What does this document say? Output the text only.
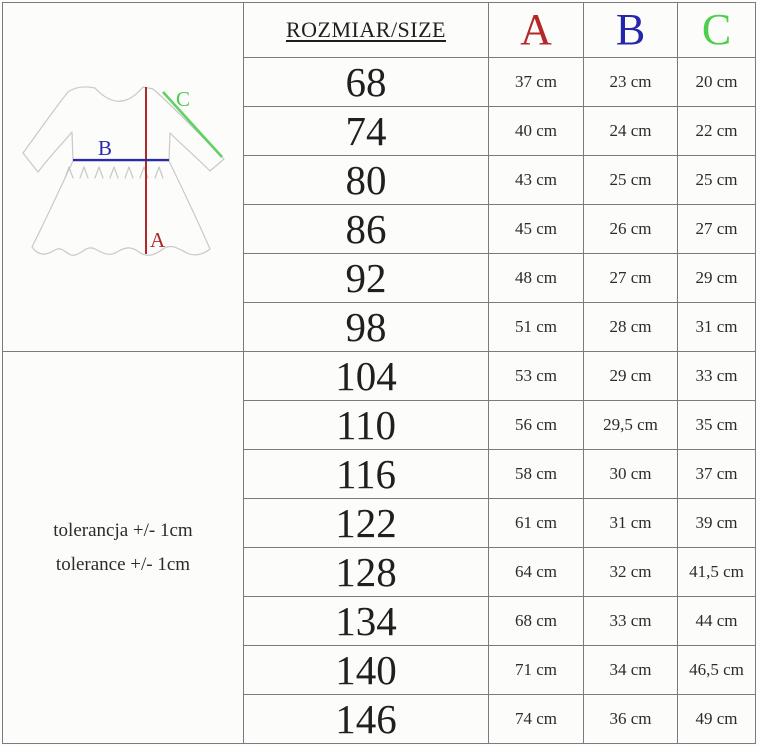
B
C
A	ROZMIAR/SIZE	A	B	C
	68	37 cm	23 cm	20 cm
	74	40 cm	24 cm	22 cm
	80	43 cm	25 cm	25 cm
	86	45 cm	26 cm	27 cm
	92	48 cm	27 cm	29 cm
	98	51 cm	28 cm	31 cm

tolerancja +/- 1cm
tolerance +/- 1cm	104	53 cm	29 cm	33 cm
	110	56 cm	29,5 cm	35 cm
	116	58 cm	30 cm	37 cm
	122	61 cm	31 cm	39 cm
	128	64 cm	32 cm	41,5 cm
	134	68 cm	33 cm	44 cm
	140	71 cm	34 cm	46,5 cm
	146	74 cm	36 cm	49 cm
